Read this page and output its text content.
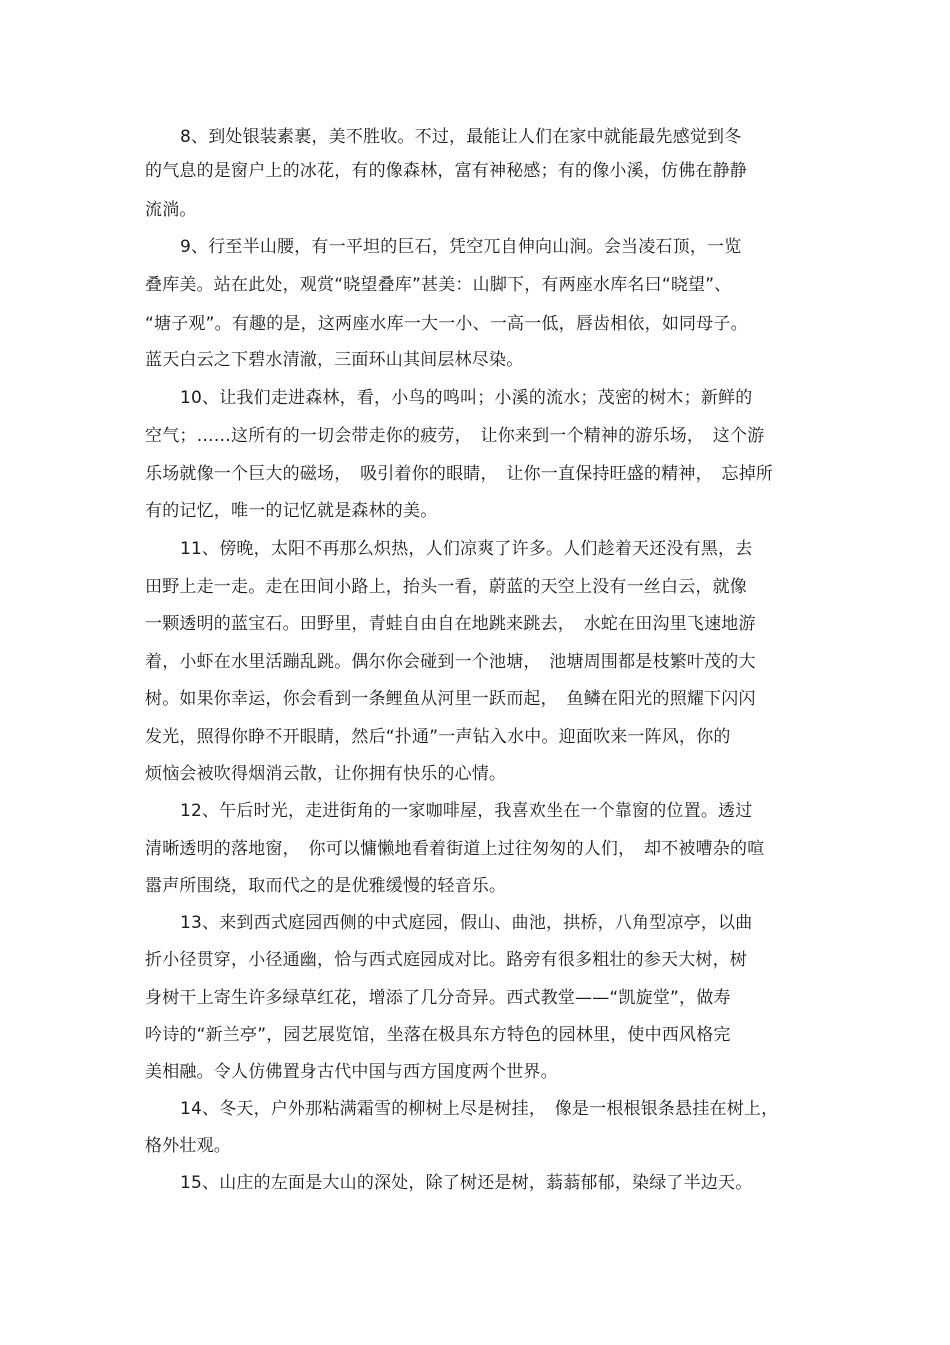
8、到处银装素裹，美不胜收。不过，最能让人们在家中就能最先感觉到冬
的气息的是窗户上的冰花，有的像森林，富有神秘感；有的像小溪，仿佛在静静
流淌。
9、行至半山腰，有一平坦的巨石，凭空兀自伸向山涧。会当凌石顶，一览
叠库美。站在此处，观赏“晓望叠库”甚美：山脚下，有两座水库名曰“晓望”、
“塘子观”。有趣的是，这两座水库一大一小、一高一低，唇齿相依，如同母子。
蓝天白云之下碧水清澈，三面环山其间层林尽染。
10、让我们走进森林，看，小鸟的鸣叫；小溪的流水；茂密的树木；新鲜的
空气；……这所有的一切会带走你的疲劳，　让你来到一个精神的游乐场，　这个游
乐场就像一个巨大的磁场，　吸引着你的眼睛，　让你一直保持旺盛的精神，　忘掉所
有的记忆，唯一的记忆就是森林的美。
11、傍晚，太阳不再那么炽热，人们凉爽了许多。人们趁着天还没有黑，去
田野上走一走。走在田间小路上，抬头一看，蔚蓝的天空上没有一丝白云，就像
一颗透明的蓝宝石。田野里，青蛙自由自在地跳来跳去，　水蛇在田沟里飞速地游
着，小虾在水里活蹦乱跳。偶尔你会碰到一个池塘，　池塘周围都是枝繁叶茂的大
树。如果你幸运，你会看到一条鲤鱼从河里一跃而起，　鱼鳞在阳光的照耀下闪闪
发光，照得你睁不开眼睛，然后“扑通”一声钻入水中。迎面吹来一阵风，你的
烦恼会被吹得烟消云散，让你拥有快乐的心情。
12、午后时光，走进街角的一家咖啡屋，我喜欢坐在一个靠窗的位置。透过
清晰透明的落地窗，　你可以慵懒地看着街道上过往匆匆的人们，　却不被嘈杂的喧
嚣声所围绕，取而代之的是优雅缓慢的轻音乐。
13、来到西式庭园西侧的中式庭园，假山、曲池，拱桥，八角型凉亭，以曲
折小径贯穿，小径通幽，恰与西式庭园成对比。路旁有很多粗壮的参天大树，树
身树干上寄生许多绿草红花，增添了几分奇异。西式教堂——“凯旋堂”，做寿
吟诗的“新兰亭”，园艺展览馆，坐落在极具东方特色的园林里，使中西风格完
美相融。令人仿佛置身古代中国与西方国度两个世界。
14、冬天，户外那粘满霜雪的柳树上尽是树挂，　像是一根根银条悬挂在树上，
格外壮观。
15、山庄的左面是大山的深处，除了树还是树，蓊蓊郁郁，染绿了半边天。
